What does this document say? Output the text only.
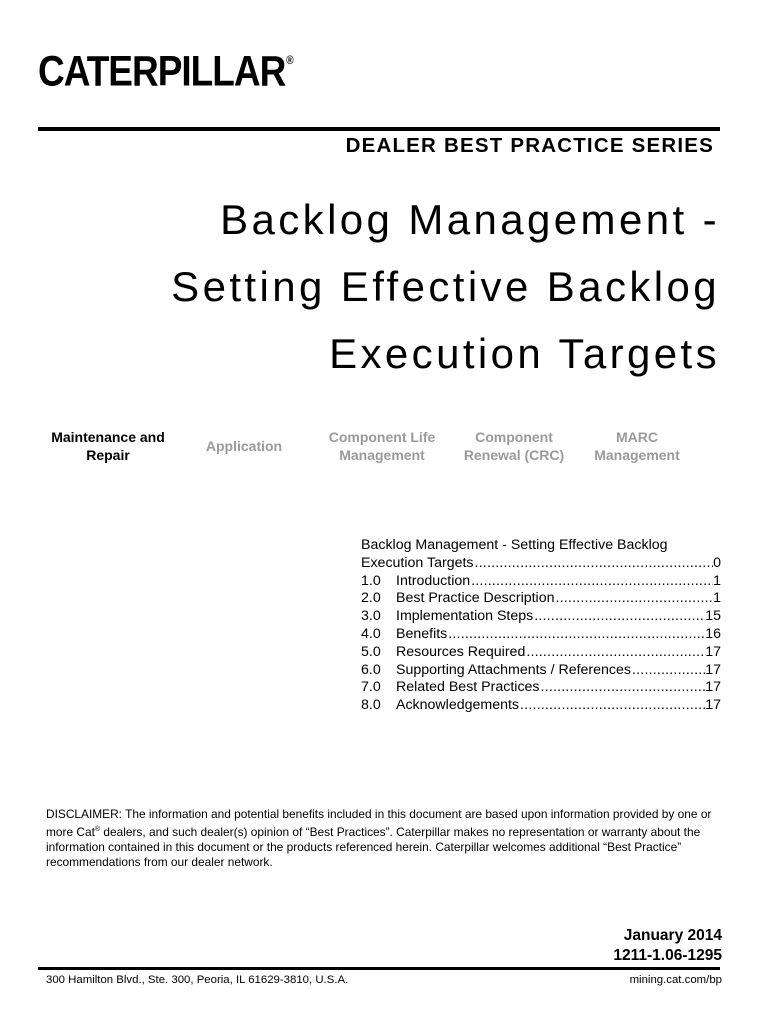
CATERPILLAR®
DEALER BEST PRACTICE SERIES
Backlog Management -
Setting Effective Backlog
Execution Targets
Maintenance and
Repair
Application
Component Life
Management
Component
Renewal (CRC)
MARC
Management
Backlog Management - Setting Effective Backlog
Execution Targets .....	0
1.0	Introduction .....	1
2.0	Best Practice Description .....	1
3.0	Implementation Steps .....	15
4.0	Benefits .....	16
5.0	Resources Required .....	17
6.0	Supporting Attachments / References .....	17
7.0	Related Best Practices .....	17
8.0	Acknowledgements .....	17
DISCLAIMER: The information and potential benefits included in this document are based upon information provided by one or more Cat® dealers, and such dealer(s) opinion of “Best Practices”. Caterpillar makes no representation or warranty about the information contained in this document or the products referenced herein. Caterpillar welcomes additional “Best Practice” recommendations from our dealer network.
January 2014
1211-1.06-1295
300 Hamilton Blvd., Ste. 300, Peoria, IL 61629-3810, U.S.A.	mining.cat.com/bp
